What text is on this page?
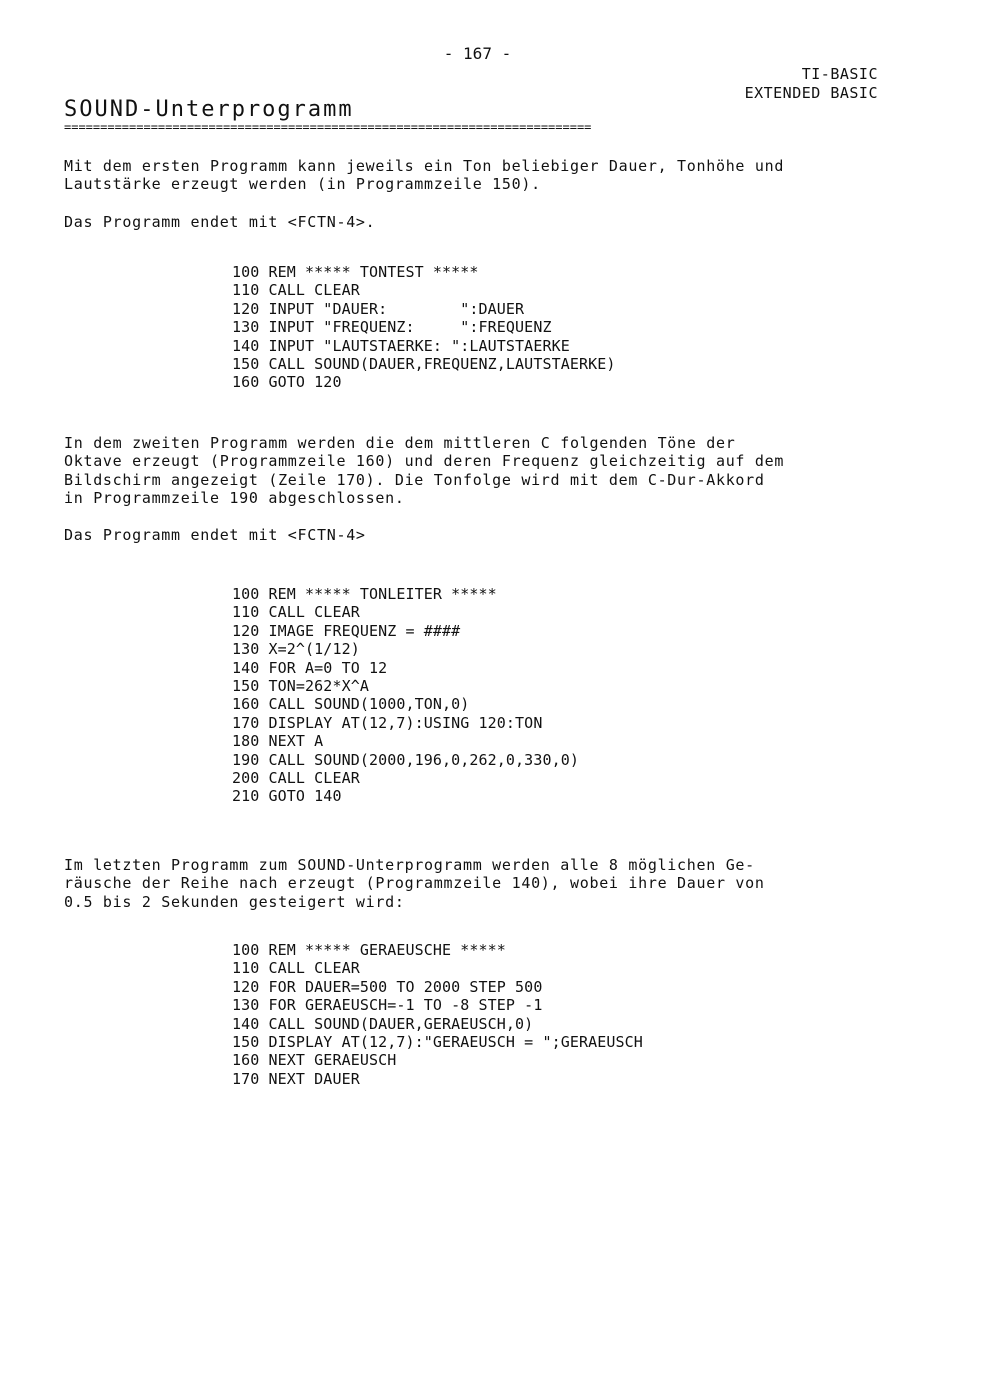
- 167 -
TI-BASIC
EXTENDED BASIC
SOUND-Unterprogramm
=========================================================================
Mit dem ersten Programm kann jeweils ein Ton beliebiger Dauer, Tonhöhe und
Lautstärke erzeugt werden (in Programmzeile 150).
Das Programm endet mit <FCTN-4>.
100 REM ***** TONTEST *****
110 CALL CLEAR
120 INPUT "DAUER:        ":DAUER
130 INPUT "FREQUENZ:     ":FREQUENZ
140 INPUT "LAUTSTAERKE: ":LAUTSTAERKE
150 CALL SOUND(DAUER,FREQUENZ,LAUTSTAERKE)
160 GOTO 120
In dem zweiten Programm werden die dem mittleren C folgenden Töne der
Oktave erzeugt (Programmzeile 160) und deren Frequenz gleichzeitig auf dem
Bildschirm angezeigt (Zeile 170). Die Tonfolge wird mit dem C-Dur-Akkord
in Programmzeile 190 abgeschlossen.
Das Programm endet mit <FCTN-4>
100 REM ***** TONLEITER *****
110 CALL CLEAR
120 IMAGE FREQUENZ = ####
130 X=2^(1/12)
140 FOR A=0 TO 12
150 TON=262*X^A
160 CALL SOUND(1000,TON,0)
170 DISPLAY AT(12,7):USING 120:TON
180 NEXT A
190 CALL SOUND(2000,196,0,262,0,330,0)
200 CALL CLEAR
210 GOTO 140
Im letzten Programm zum SOUND-Unterprogramm werden alle 8 möglichen Ge-
räusche der Reihe nach erzeugt (Programmzeile 140), wobei ihre Dauer von
0.5 bis 2 Sekunden gesteigert wird:
100 REM ***** GERAEUSCHE *****
110 CALL CLEAR
120 FOR DAUER=500 TO 2000 STEP 500
130 FOR GERAEUSCH=-1 TO -8 STEP -1
140 CALL SOUND(DAUER,GERAEUSCH,0)
150 DISPLAY AT(12,7):"GERAEUSCH = ";GERAEUSCH
160 NEXT GERAEUSCH
170 NEXT DAUER
